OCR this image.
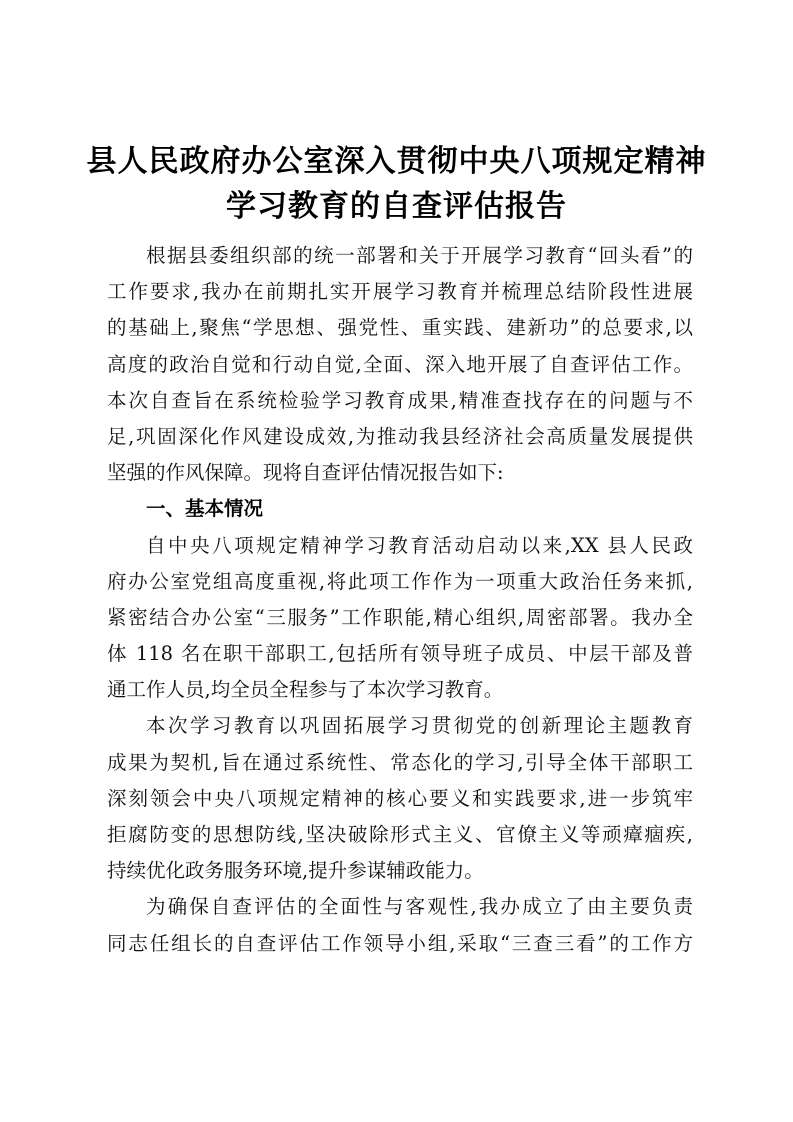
县人民政府办公室深入贯彻中央八项规定精神
学习教育的自查评估报告
根据县委组织部的统一部署和关于开展学习教育“回头看”的
工作要求,我办在前期扎实开展学习教育并梳理总结阶段性进展
的基础上,聚焦“学思想、强党性、重实践、建新功”的总要求,以
高度的政治自觉和行动自觉,全面、深入地开展了自查评估工作。
本次自查旨在系统检验学习教育成果,精准查找存在的问题与不
足,巩固深化作风建设成效,为推动我县经济社会高质量发展提供
坚强的作风保障。现将自查评估情况报告如下:
一、基本情况
自中央八项规定精神学习教育活动启动以来,XX 县人民政
府办公室党组高度重视,将此项工作作为一项重大政治任务来抓,
紧密结合办公室“三服务”工作职能,精心组织,周密部署。我办全
体 118 名在职干部职工,包括所有领导班子成员、中层干部及普
通工作人员,均全员全程参与了本次学习教育。
本次学习教育以巩固拓展学习贯彻党的创新理论主题教育
成果为契机,旨在通过系统性、常态化的学习,引导全体干部职工
深刻领会中央八项规定精神的核心要义和实践要求,进一步筑牢
拒腐防变的思想防线,坚决破除形式主义、官僚主义等顽瘴痼疾,
持续优化政务服务环境,提升参谋辅政能力。
为确保自查评估的全面性与客观性,我办成立了由主要负责
同志任组长的自查评估工作领导小组,采取“三查三看”的工作方
